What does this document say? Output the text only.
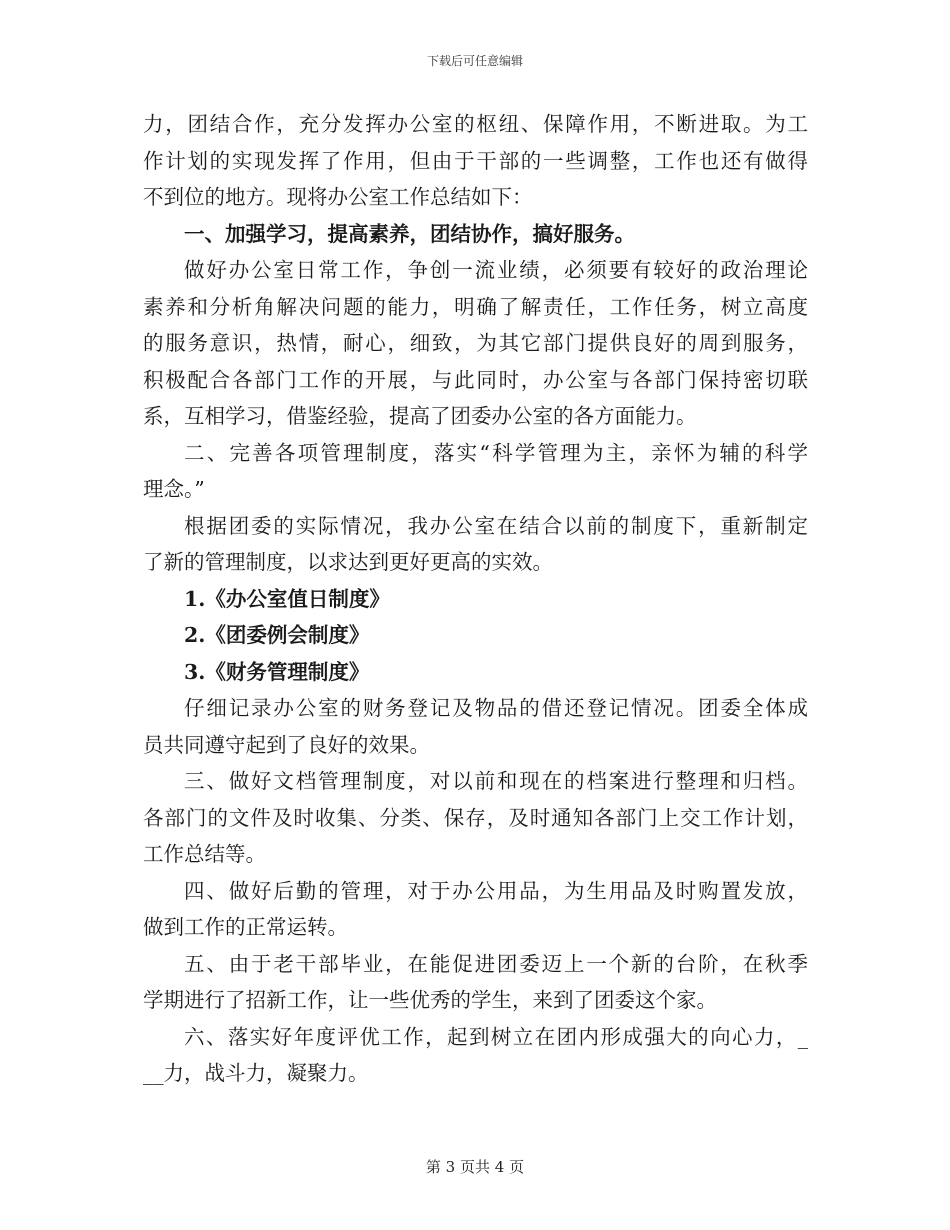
下载后可任意编辑
力，团结合作，充分发挥办公室的枢纽、保障作用，不断进取。为工
作计划的实现发挥了作用，但由于干部的一些调整，工作也还有做得
不到位的地方。现将办公室工作总结如下：
一、加强学习，提高素养，团结协作，搞好服务。
做好办公室日常工作，争创一流业绩，必须要有较好的政治理论
素养和分析角解决问题的能力，明确了解责任，工作任务，树立高度
的服务意识，热情，耐心，细致，为其它部门提供良好的周到服务，
积极配合各部门工作的开展，与此同时，办公室与各部门保持密切联
系，互相学习，借鉴经验，提高了团委办公室的各方面能力。
二、完善各项管理制度，落实“科学管理为主，亲怀为辅的科学
理念。”
根据团委的实际情况，我办公室在结合以前的制度下，重新制定
了新的管理制度，以求达到更好更高的实效。
1.《办公室值日制度》
2.《团委例会制度》
3.《财务管理制度》
仔细记录办公室的财务登记及物品的借还登记情况。团委全体成
员共同遵守起到了良好的效果。
三、做好文档管理制度，对以前和现在的档案进行整理和归档。
各部门的文件及时收集、分类、保存，及时通知各部门上交工作计划，
工作总结等。
四、做好后勤的管理，对于办公用品，为生用品及时购置发放，
做到工作的正常运转。
五、由于老干部毕业，在能促进团委迈上一个新的台阶，在秋季
学期进行了招新工作，让一些优秀的学生，来到了团委这个家。
六、落实好年度评优工作，起到树立在团内形成强大的向心力，_
__力，战斗力，凝聚力。
第 3 页共 4 页
